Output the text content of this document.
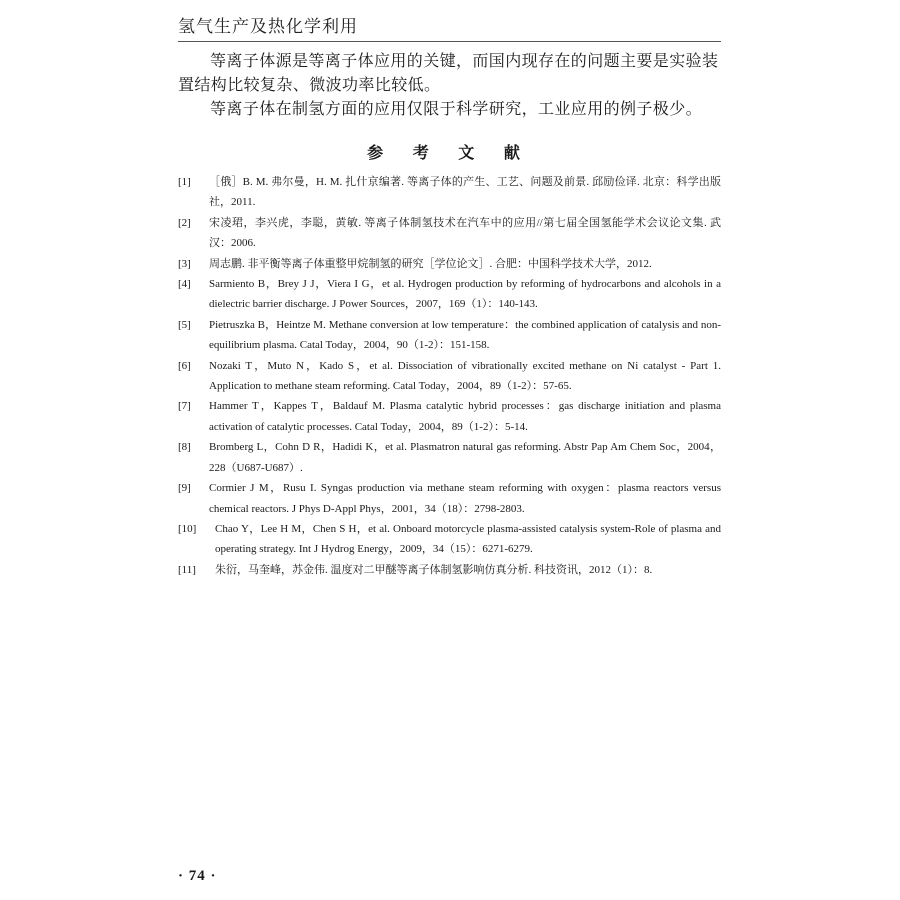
氢气生产及热化学利用

等离子体源是等离子体应用的关键，而国内现存在的问题主要是实验装置结构比较复杂、微波功率比较低。

等离子体在制氢方面的应用仅限于科学研究，工业应用的例子极少。

参 考 文 献
[1]	［俄］B. M. 弗尔曼，H. M. 扎什京编著. 等离子体的产生、工艺、问题及前景. 邱励俭译. 北京：科学出版社，2011.
[2]	宋凌珺，李兴虎，李聪，黄敏. 等离子体制氢技术在汽车中的应用//第七届全国氢能学术会议论文集. 武汉：2006.
[3]	周志鹏. 非平衡等离子体重整甲烷制氢的研究［学位论文］. 合肥：中国科学技术大学，2012.
[4]	Sarmiento B，Brey J J，Viera I G，et al. Hydrogen production by reforming of hydrocarbons and alcohols in a dielectric barrier discharge. J Power Sources，2007，169（1）：140-143.
[5]	Pietruszka B，Heintze M. Methane conversion at low temperature：the combined application of catalysis and non-equilibrium plasma. Catal Today，2004，90（1-2）：151-158.
[6]	Nozaki T，Muto N，Kado S，et al. Dissociation of vibrationally excited methane on Ni catalyst - Part 1. Application to methane steam reforming. Catal Today，2004，89（1-2）：57-65.
[7]	Hammer T，Kappes T，Baldauf M. Plasma catalytic hybrid processes：gas discharge initiation and plasma activation of catalytic processes. Catal Today，2004，89（1-2）：5-14.
[8]	Bromberg L，Cohn D R，Hadidi K，et al. Plasmatron natural gas reforming. Abstr Pap Am Chem Soc，2004，228（U687-U687）.
[9]	Cormier J M，Rusu I. Syngas production via methane steam reforming with oxygen：plasma reactors versus chemical reactors. J Phys D-Appl Phys，2001，34（18）：2798-2803.
[10]	Chao Y，Lee H M，Chen S H，et al. Onboard motorcycle plasma-assisted catalysis system-Role of plasma and operating strategy. Int J Hydrog Energy，2009，34（15）：6271-6279.
[11]	朱衍，马奎峰，苏金伟. 温度对二甲醚等离子体制氢影响仿真分析. 科技资讯，2012（1）：8.
· 74 ·
